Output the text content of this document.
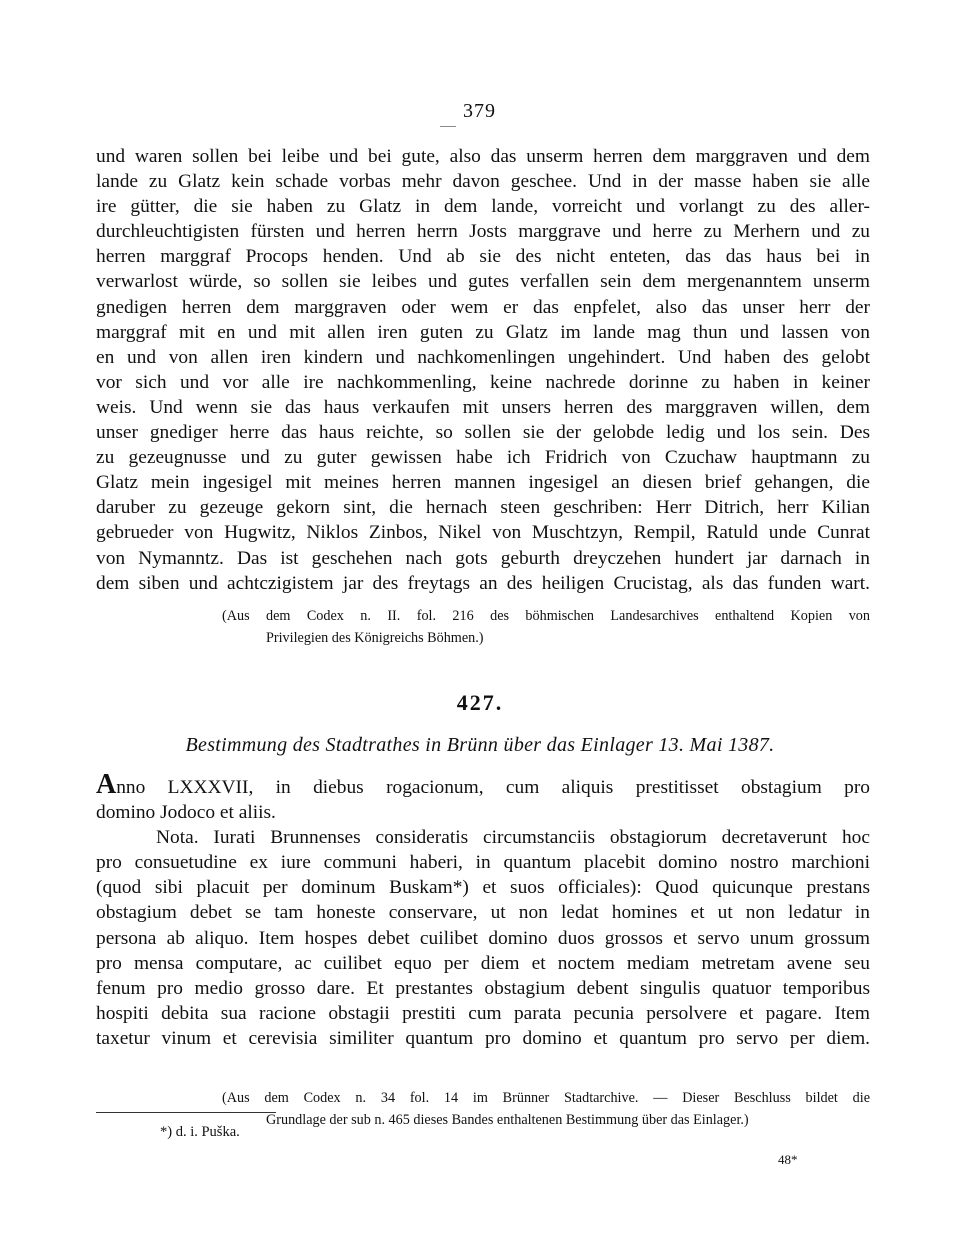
379
und waren sollen bei leibe und bei gute, also das unserm herren dem marggraven und dem
lande zu Glatz kein schade vorbas mehr davon geschee. Und in der masse haben sie alle
ire gütter, die sie haben zu Glatz in dem lande, vorreicht und vorlangt zu des aller-
durchleuchtigisten fürsten und herren herrn Josts marggrave und herre zu Merhern und zu
herren marggraf Procops henden. Und ab sie des nicht enteten, das das haus bei in
verwarlost würde, so sollen sie leibes und gutes verfallen sein dem mergenanntem unserm
gnedigen herren dem marggraven oder wem er das enpfelet, also das unser herr der
marggraf mit en und mit allen iren guten zu Glatz im lande mag thun und lassen von
en und von allen iren kindern und nachkomenlingen ungehindert. Und haben des gelobt
vor sich und vor alle ire nachkommenling, keine nachrede dorinne zu haben in keiner
weis. Und wenn sie das haus verkaufen mit unsers herren des marggraven willen, dem
unser gnediger herre das haus reichte, so sollen sie der gelobde ledig und los sein. Des
zu gezeugnusse und zu guter gewissen habe ich Fridrich von Czuchaw hauptmann zu
Glatz mein ingesigel mit meines herren mannen ingesigel an diesen brief gehangen, die
daruber zu gezeuge gekorn sint, die hernach steen geschriben: Herr Ditrich, herr Kilian
gebrueder von Hugwitz, Niklos Zinbos, Nikel von Muschtzyn, Rempil, Ratuld unde Cunrat
von Nymanntz. Das ist geschehen nach gots geburth dreyczehen hundert jar darnach in
dem siben und achtczigistem jar des freytags an des heiligen Crucistag, als das funden wart.
(Aus dem Codex n. II. fol. 216 des böhmischen Landesarchives enthaltend Kopien von
Privilegien des Königreichs Böhmen.)
427.
Bestimmung des Stadtrathes in Brünn über das Einlager 13. Mai 1387.
Anno LXXXVII, in diebus rogacionum, cum aliquis prestitisset obstagium pro
domino Jodoco et aliis.
Nota. Iurati Brunnenses consideratis circumstanciis obstagiorum decretaverunt hoc
pro consuetudine ex iure communi haberi, in quantum placebit domino nostro marchioni
(quod sibi placuit per dominum Buskam*) et suos officiales): Quod quicunque prestans
obstagium debet se tam honeste conservare, ut non ledat homines et ut non ledatur in
persona ab aliquo. Item hospes debet cuilibet domino duos grossos et servo unum grossum
pro mensa computare, ac cuilibet equo per diem et noctem mediam metretam avene seu
fenum pro medio grosso dare. Et prestantes obstagium debent singulis quatuor temporibus
hospiti debita sua racione obstagii prestiti cum parata pecunia persolvere et pagare. Item
taxetur vinum et cerevisia similiter quantum pro domino et quantum pro servo per diem.
(Aus dem Codex n. 34 fol. 14 im Brünner Stadtarchive. — Dieser Beschluss bildet die
Grundlage der sub n. 465 dieses Bandes enthaltenen Bestimmung über das Einlager.)
*) d. i. Puška.
48*
